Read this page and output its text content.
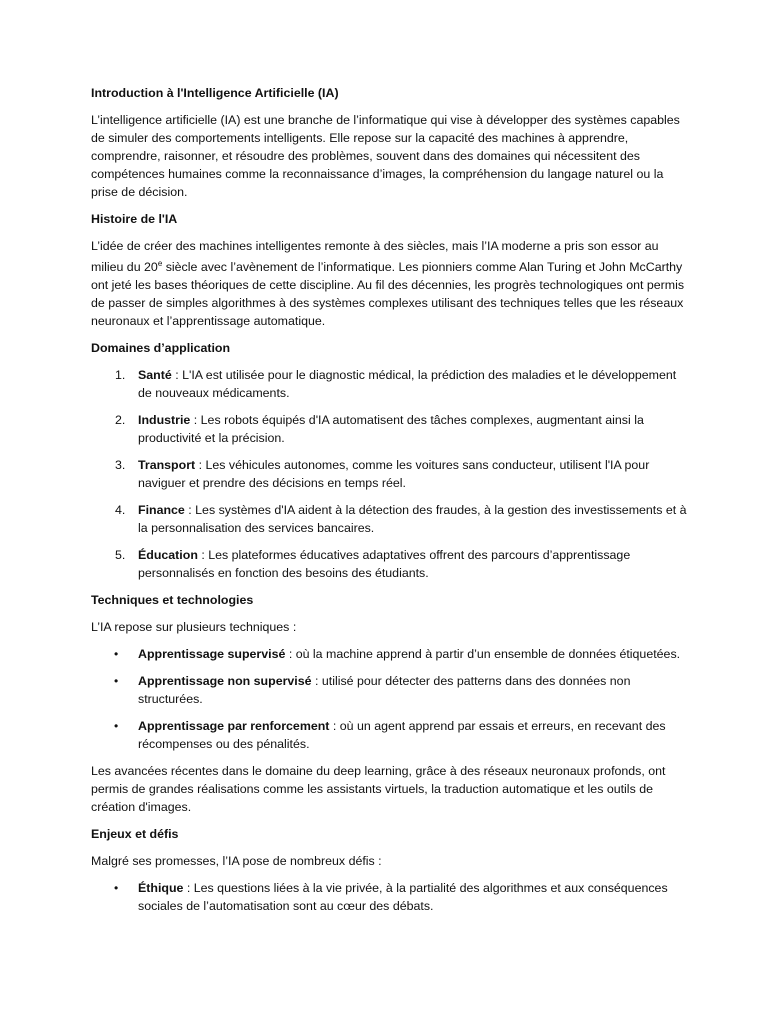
Introduction à l'Intelligence Artificielle (IA)

L’intelligence artificielle (IA) est une branche de l’informatique qui vise à développer des systèmes capables de simuler des comportements intelligents. Elle repose sur la capacité des machines à apprendre, comprendre, raisonner, et résoudre des problèmes, souvent dans des domaines qui nécessitent des compétences humaines comme la reconnaissance d’images, la compréhension du langage naturel ou la prise de décision.

Histoire de l'IA

L’idée de créer des machines intelligentes remonte à des siècles, mais l’IA moderne a pris son essor au milieu du 20e siècle avec l’avènement de l’informatique. Les pionniers comme Alan Turing et John McCarthy ont jeté les bases théoriques de cette discipline. Au fil des décennies, les progrès technologiques ont permis de passer de simples algorithmes à des systèmes complexes utilisant des techniques telles que les réseaux neuronaux et l’apprentissage automatique.

Domaines d’application

1. Santé : L'IA est utilisée pour le diagnostic médical, la prédiction des maladies et le développement de nouveaux médicaments.
2. Industrie : Les robots équipés d'IA automatisent des tâches complexes, augmentant ainsi la productivité et la précision.
3. Transport : Les véhicules autonomes, comme les voitures sans conducteur, utilisent l'IA pour naviguer et prendre des décisions en temps réel.
4. Finance : Les systèmes d'IA aident à la détection des fraudes, à la gestion des investissements et à la personnalisation des services bancaires.
5. Éducation : Les plateformes éducatives adaptatives offrent des parcours d’apprentissage personnalisés en fonction des besoins des étudiants.

Techniques et technologies

L’IA repose sur plusieurs techniques :

• Apprentissage supervisé : où la machine apprend à partir d’un ensemble de données étiquetées.
• Apprentissage non supervisé : utilisé pour détecter des patterns dans des données non structurées.
• Apprentissage par renforcement : où un agent apprend par essais et erreurs, en recevant des récompenses ou des pénalités.

Les avancées récentes dans le domaine du deep learning, grâce à des réseaux neuronaux profonds, ont permis de grandes réalisations comme les assistants virtuels, la traduction automatique et les outils de création d'images.

Enjeux et défis

Malgré ses promesses, l’IA pose de nombreux défis :

• Éthique : Les questions liées à la vie privée, à la partialité des algorithmes et aux conséquences sociales de l’automatisation sont au cœur des débats.
